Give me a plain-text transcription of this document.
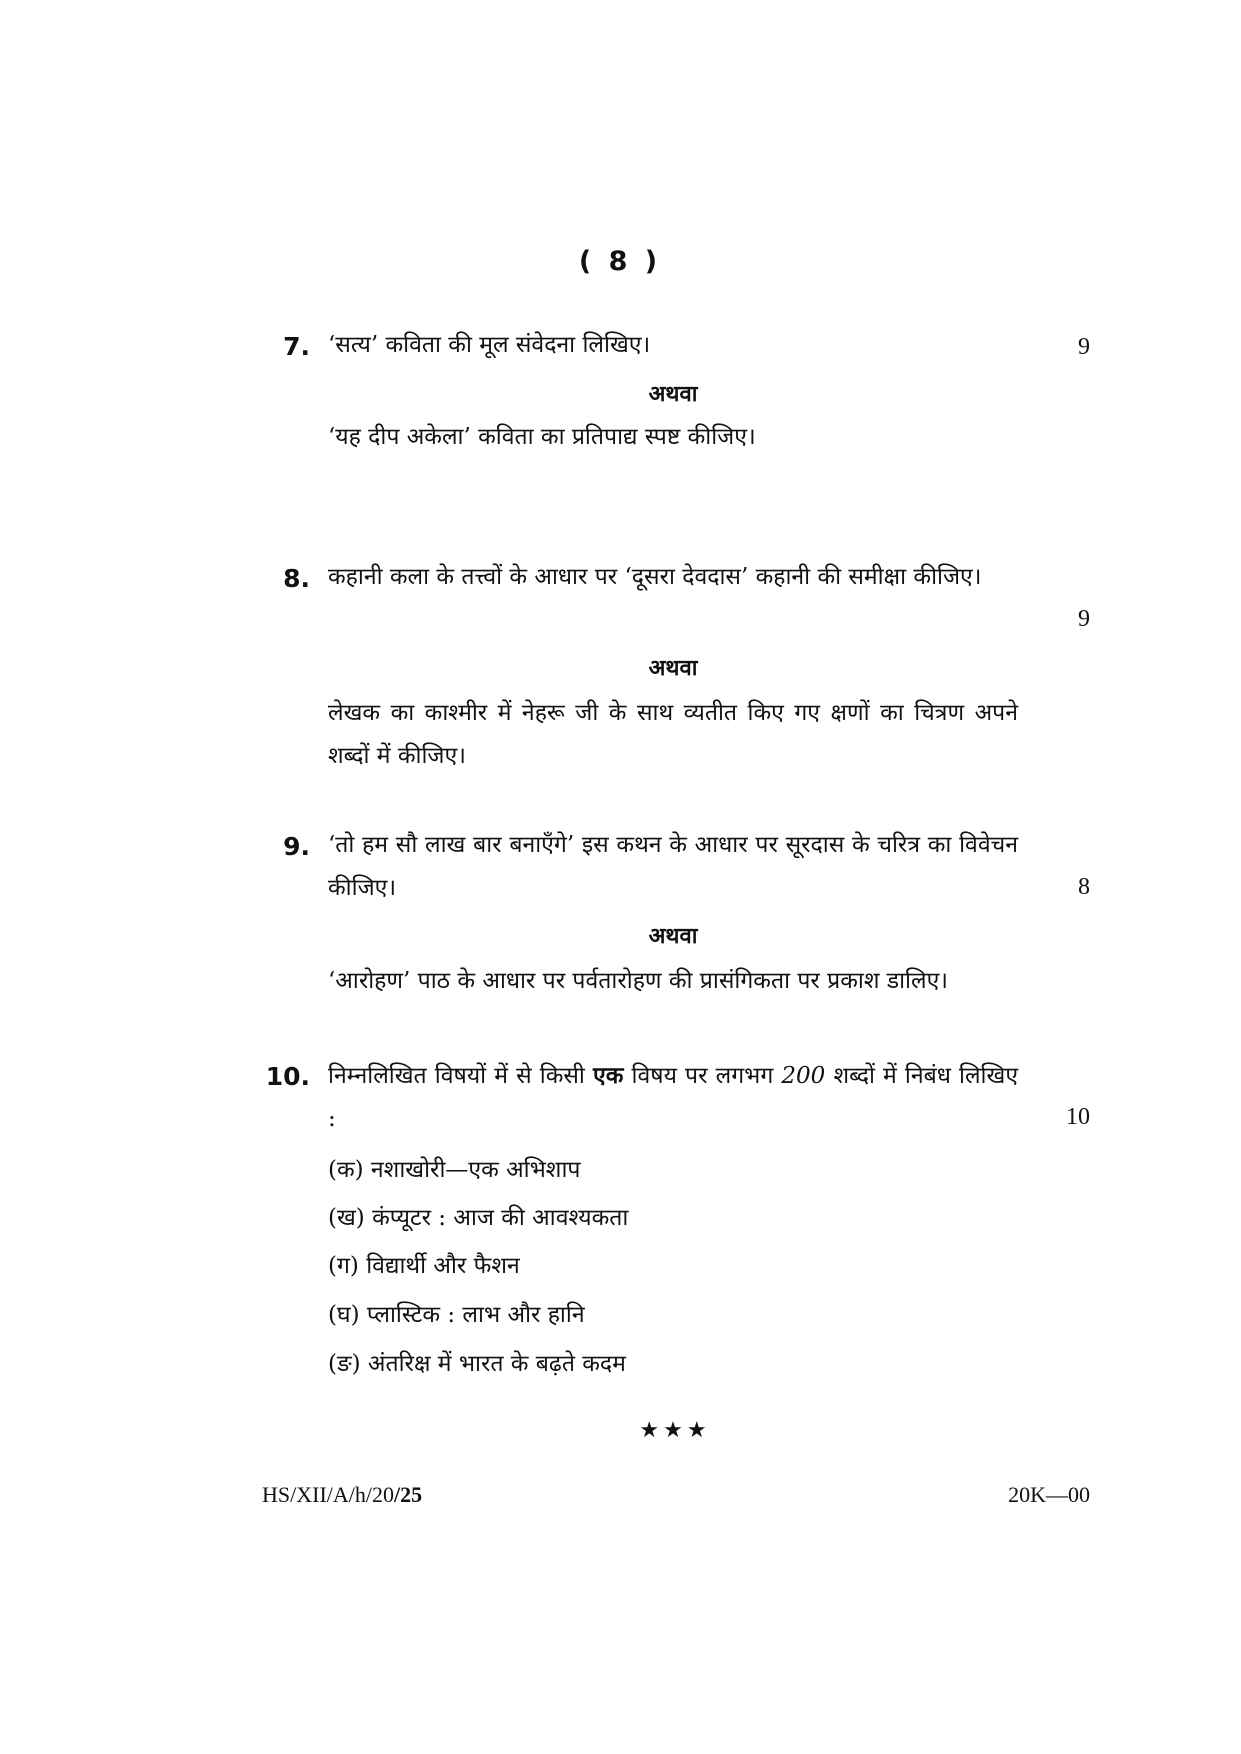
( 8 )
7. ‘सत्य’ कविता की मूल संवेदना लिखिए।	9
अथवा
‘यह दीप अकेला’ कविता का प्रतिपाद्य स्पष्ट कीजिए।
8. कहानी कला के तत्त्वों के आधार पर ‘दूसरा देवदास’ कहानी की समीक्षा कीजिए।
9
अथवा
लेखक का काश्मीर में नेहरू जी के साथ व्यतीत किए गए क्षणों का चित्रण अपने शब्दों में कीजिए।
9. ‘तो हम सौ लाख बार बनाएँगे’ इस कथन के आधार पर सूरदास के चरित्र का विवेचन कीजिए।	8
अथवा
‘आरोहण’ पाठ के आधार पर पर्वतारोहण की प्रासंगिकता पर प्रकाश डालिए।
10. निम्नलिखित विषयों में से किसी एक विषय पर लगभग 200 शब्दों में निबंध लिखिए :	10
(क) नशाखोरी—एक अभिशाप
(ख) कंप्यूटर : आज की आवश्यकता
(ग) विद्यार्थी और फैशन
(घ) प्लास्टिक : लाभ और हानि
(ङ) अंतरिक्ष में भारत के बढ़ते कदम
★★★
HS/XII/A/h/20/25	20K—00
